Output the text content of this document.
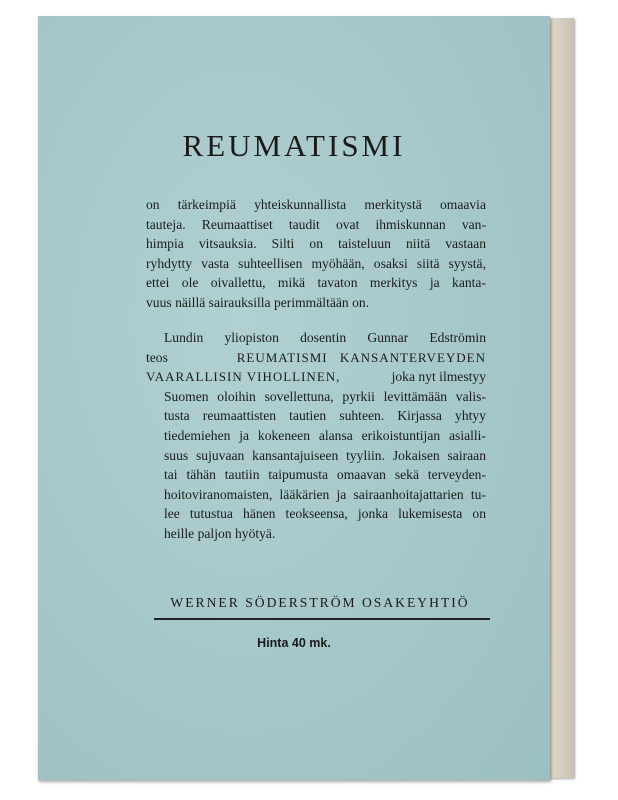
REUMATISMI

on tärkeimpiä yhteiskunnallista merkitystä omaavia

tauteja. Reumaattiset taudit ovat ihmiskunnan van-

himpia vitsauksia. Silti on taisteluun niitä vastaan

ryhdytty vasta suhteellisen myöhään, osaksi siitä syystä,

ettei ole oivallettu, mikä tavaton merkitys ja kanta-

vuus näillä sairauksilla perimmältään on.

Lundin yliopiston dosentin Gunnar Edströmin

teos	REUMATISMI KANSANTERVEYDEN
VAARALLISIN VIHOLLINEN,	joka nyt ilmestyy

Suomen oloihin sovellettuna, pyrkii levittämään valis-

tusta reumaattisten tautien suhteen. Kirjassa yhtyy

tiedemiehen ja kokeneen alansa erikoistuntijan asialli-

suus sujuvaan kansantajuiseen tyyliin. Jokaisen sairaan

tai tähän tautiin taipumusta omaavan sekä terveyden-

hoitoviranomaisten, lääkärien ja sairaanhoitajattarien tu-

lee tutustua hänen teokseensa, jonka lukemisesta on

heille paljon hyötyä.

WERNER SÖDERSTRÖM OSAKEYHTIÖ

Hinta 40 mk.
